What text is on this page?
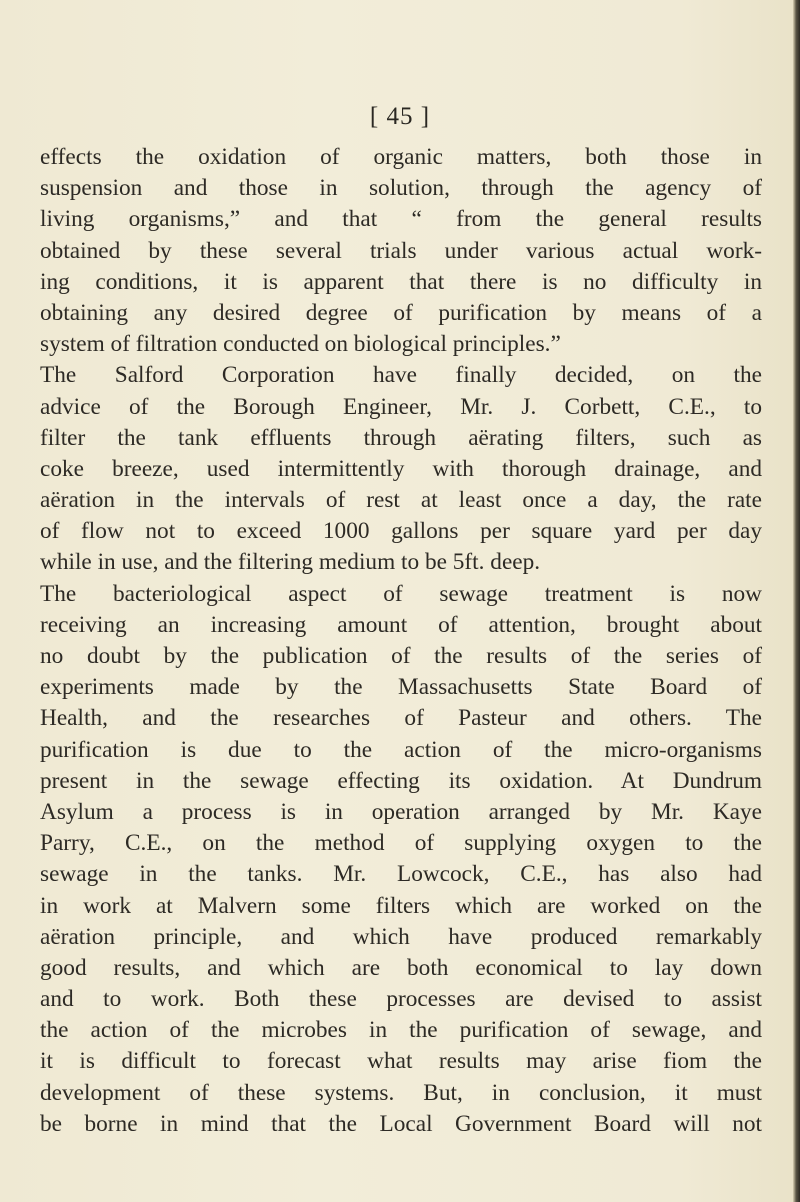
[ 45 ]
effects the oxidation of organic matters, both those in
suspension and those in solution, through the agency of
living organisms,” and that “ from the general results
obtained by these several trials under various actual work-
ing conditions, it is apparent that there is no difficulty in
obtaining any desired degree of purification by means of a
system of filtration conducted on biological principles.”
The Salford Corporation have finally decided, on the
advice of the Borough Engineer, Mr. J. Corbett, C.E., to
filter the tank effluents through aërating filters, such as
coke breeze, used intermittently with thorough drainage, and
aëration in the intervals of rest at least once a day, the rate
of flow not to exceed 1000 gallons per square yard per day
while in use, and the filtering medium to be 5ft. deep.
The bacteriological aspect of sewage treatment is now
receiving an increasing amount of attention, brought about
no doubt by the publication of the results of the series of
experiments made by the Massachusetts State Board of
Health, and the researches of Pasteur and others. The
purification is due to the action of the micro-organisms
present in the sewage effecting its oxidation. At Dundrum
Asylum a process is in operation arranged by Mr. Kaye
Parry, C.E., on the method of supplying oxygen to the
sewage in the tanks. Mr. Lowcock, C.E., has also had
in work at Malvern some filters which are worked on the
aëration principle, and which have produced remarkably
good results, and which are both economical to lay down
and to work. Both these processes are devised to assist
the action of the microbes in the purification of sewage, and
it is difficult to forecast what results may arise fiom the
development of these systems. But, in conclusion, it must
be borne in mind that the Local Government Board will not
